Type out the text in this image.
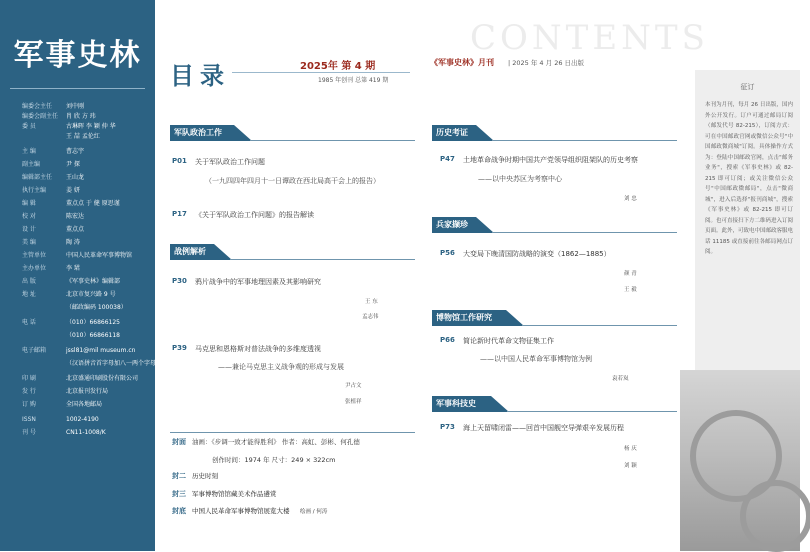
军事史林
编委会主任 刘中刚
编委会副主任 肖 欣 方 玮
委 员	古琳晖 李 颖 仲 华
王 喆 孟伦红
主 编	曹志宇
副主编	尹 探
编辑部主任 王山龙
执行主编	姜 妍
编 辑	董点点 于 健 原思谨
校 对	陈宏达
设 计	董点点
美 编	陶 涛
主管单位	中国人民革命军事博物馆
主办单位	李 珺
出 版	《军事史林》编辑部
地 址	北京市复兴路 9 号
（邮政编码 100038）
电 话	（010）66866125
（010）66866118
电子邮箱	jssl81@mil museum.cn
（汉语拼音首字母加八一两个字母）
印 刷	北京盛通印刷股份有限公司
发 行	北京报刊发行局
订 购	全国各地邮局
ISSN	1002-4190
刊 号	CN11-1008/K
目录	2025年 第 4 期
1985 年创刊 总第 419 期
CONTENTS
《军事史林》月刊 | 2025 年 4 月 26 日出版
军队政治工作
P01 关于军队政治工作问题
（一九四四年四月十一日谭政在西北局高干会上的报告）
P17 《关于军队政治工作问题》的报告解读
战例解析
P30 鸦片战争中的军事地理因素及其影响研究
王 东
孟志伟
P39 马克思和恩格斯对普法战争的多维度透视
——兼论马克思主义战争观的形成与发展
尹占文
张植祥
历史考证
P47 土地革命战争时期中国共产党领导组织阻架队的历史考察
——以中央苏区为考察中心
刘 忠
兵家撷珍
P56 大变局下晚清国防战略的演变（1862—1885）
颜 青
王 毅
博物馆工作研究
P66 简论新时代革命文物征集工作
——以中国人民革命军事博物馆为例
袁若岚
军事科技史
P73 海上天留啸闭雷——回首中国舰空导弹艰辛发展历程
杨 庆
刘 颖
封面 油画：《步调一致才能得胜利》 作者：高虹、彭彬、何孔德
创作时间：1974 年 尺寸：249 × 322cm
封二 历史时刻
封三 军事博物馆馆藏美术作品遴赏
封底 中国人民革命军事博物馆展览大楼 绘画 / 何涛
征订
本刊为月刊，每月 26 日出版，国内外公开发行。订户可通过邮局订阅（邮发代号 82-215），订阅方式：可在中国邮政官网或微信公众号"中国邮政微商城"订阅。具体操作方式为：登陆中国邮政官网，点击"邮务业务"，搜索《军事史林》或 82-215 即可订阅；或关注微信公众号"中国邮政微邮局"，点击"微商城"，进入后选择"报刊商城"，搜索《军事史林》或 82-215 即可订阅。也可直接扫下方二维码进入订阅页面。此外，可致电中国邮政客服电话 11185 或直接前往各邮局网点订阅。
